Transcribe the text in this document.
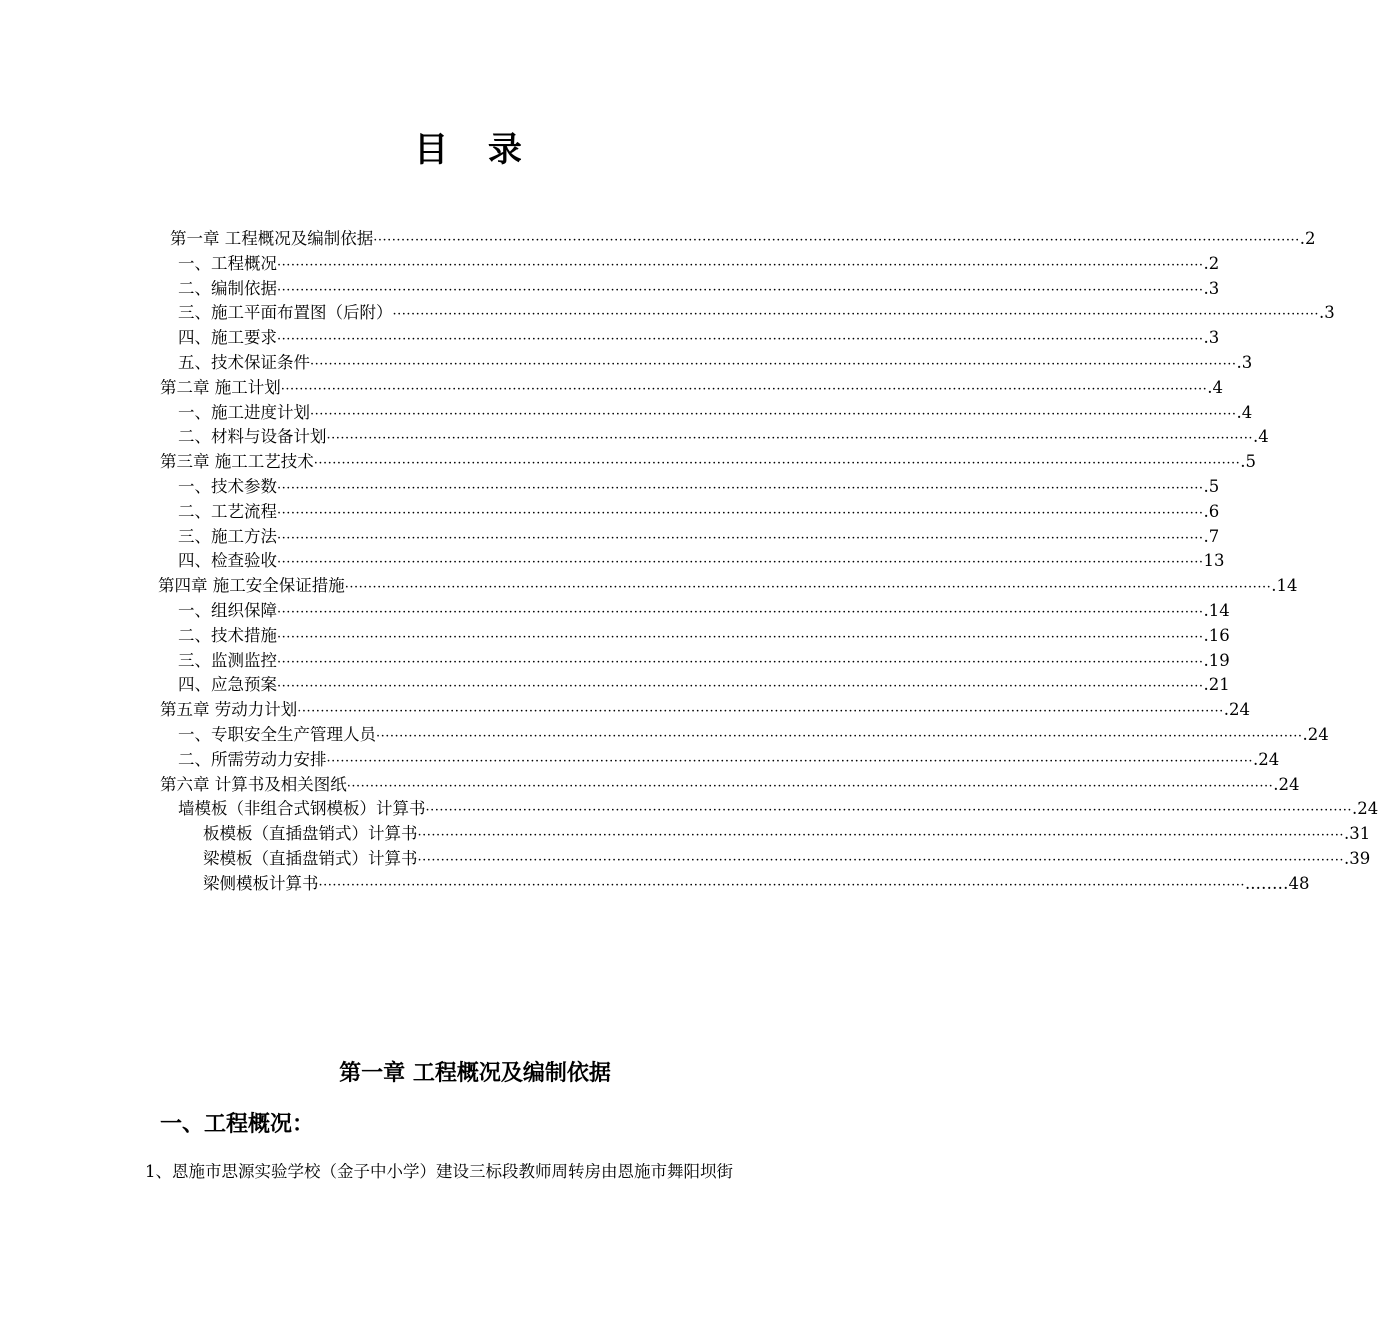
目 录
第一章 工程概况及编制依据 ········································································································································································································ .2
一、工程概况 ········································································································································································································ .2
二、编制依据 ········································································································································································································ .3
三、施工平面布置图（后附） ········································································································································································································ .3
四、施工要求 ········································································································································································································ .3
五、技术保证条件 ········································································································································································································ .3
第二章 施工计划 ········································································································································································································ .4
一、施工进度计划 ········································································································································································································ .4
二、材料与设备计划 ········································································································································································································ .4
第三章 施工工艺技术 ········································································································································································································ .5
一、技术参数 ········································································································································································································ .5
二、工艺流程 ········································································································································································································ .6
三、施工方法 ········································································································································································································ .7
四、检查验收 ········································································································································································································ 13
第四章 施工安全保证措施 ········································································································································································································ .14
一、组织保障 ········································································································································································································ .14
二、技术措施 ········································································································································································································ .16
三、监测监控 ········································································································································································································ .19
四、应急预案 ········································································································································································································ .21
第五章 劳动力计划 ········································································································································································································ .24
一、专职安全生产管理人员 ········································································································································································································ .24
二、所需劳动力安排 ········································································································································································································ .24
第六章 计算书及相关图纸 ········································································································································································································ .24
墙模板（非组合式钢模板）计算书 ········································································································································································································ .24
板模板（直插盘销式）计算书 ········································································································································································································ .31
梁模板（直插盘销式）计算书 ········································································································································································································ .39
梁侧模板计算书 ········································································································································································································ ..……48
第一章 工程概况及编制依据
一、工程概况：
1、恩施市思源实验学校（金子中小学）建设三标段教师周转房由恩施市舞阳坝街
